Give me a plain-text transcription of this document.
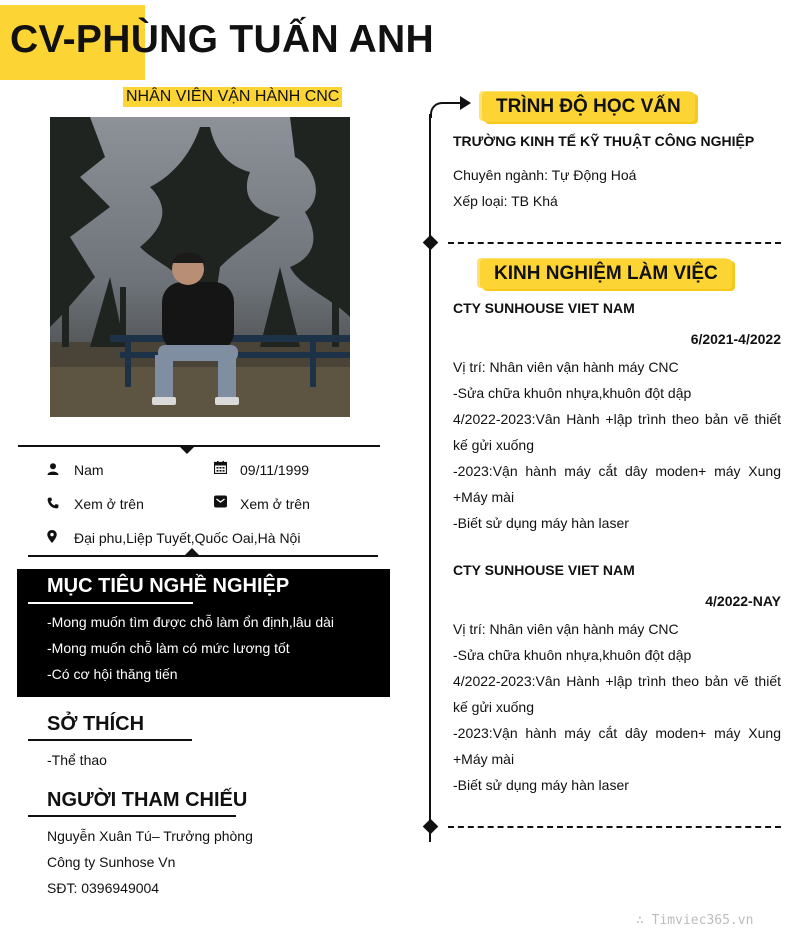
CV-PHÙNG TUẤN ANH
NHÂN VIÊN VẬN HÀNH CNC
Nam	09/11/1999
Xem ở trên	Xem ở trên
Đại phu,Liệp Tuyết,Quốc Oai,Hà Nội
MỤC TIÊU NGHỀ NGHIỆP
-Mong muốn tìm được chỗ làm ổn định,lâu dài
-Mong muốn chỗ làm có mức lương tốt
-Có cơ hội thăng tiến
SỞ THÍCH
-Thể thao
NGƯỜI THAM CHIẾU
Nguyễn Xuân Tú– Trưởng phòng
Công ty Sunhose Vn
SĐT: 0396949004
TRÌNH ĐỘ HỌC VẤN
TRƯỜNG KINH TẾ KỸ THUẬT CÔNG NGHIỆP
Chuyên ngành: Tự Động Hoá
Xếp loại: TB Khá
KINH NGHIỆM LÀM VIỆC
CTY SUNHOUSE VIET NAM
6/2021-4/2022
Vị trí: Nhân viên vận hành máy CNC
-Sửa chữa khuôn nhựa,khuôn đột dập
4/2022-2023:Vân Hành +lập trình theo bản vẽ thiết
kế gửi xuống
-2023:Vận hành máy cắt dây moden+ máy Xung
+Máy mài
-Biết sử dụng máy hàn laser
CTY SUNHOUSE VIET NAM
4/2022-NAY
Vị trí: Nhân viên vận hành máy CNC
-Sửa chữa khuôn nhựa,khuôn đột dập
4/2022-2023:Vân Hành +lập trình theo bản vẽ thiết
kế gửi xuống
-2023:Vận hành máy cắt dây moden+ máy Xung
+Máy mài
-Biết sử dụng máy hàn laser
∴ Timviec365.vn
